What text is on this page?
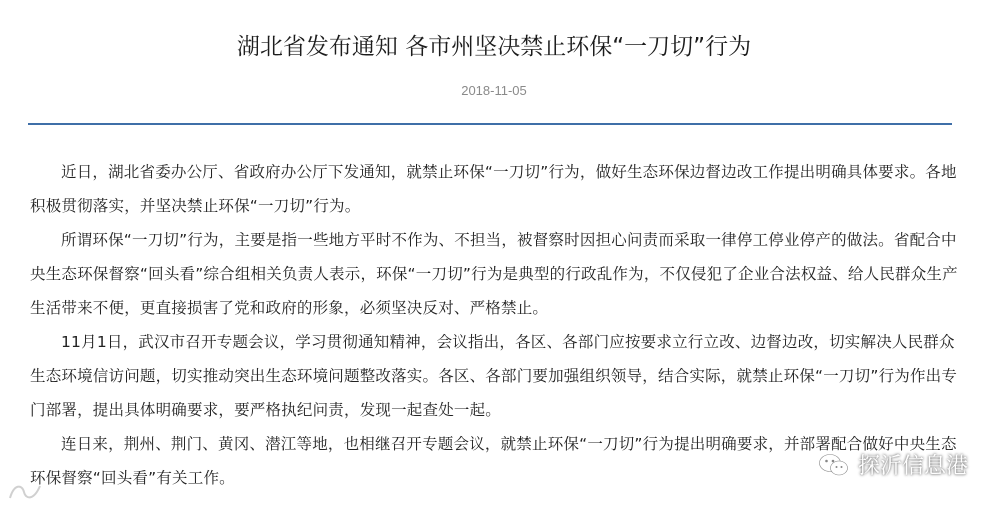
湖北省发布通知 各市州坚决禁止环保“一刀切”行为
2018-11-05

近日，湖北省委办公厅、省政府办公厅下发通知，就禁止环保“一刀切”行为，做好生态环保边督边改工作提出明确具体要求。各地积极贯彻落实，并坚决禁止环保“一刀切”行为。

所谓环保“一刀切”行为，主要是指一些地方平时不作为、不担当，被督察时因担心问责而采取一律停工停业停产的做法。省配合中央生态环保督察“回头看”综合组相关负责人表示，环保“一刀切”行为是典型的行政乱作为，不仅侵犯了企业合法权益、给人民群众生产生活带来不便，更直接损害了党和政府的形象，必须坚决反对、严格禁止。

11月1日，武汉市召开专题会议，学习贯彻通知精神，会议指出，各区、各部门应按要求立行立改、边督边改，切实解决人民群众生态环境信访问题，切实推动突出生态环境问题整改落实。各区、各部门要加强组织领导，结合实际，就禁止环保“一刀切”行为作出专门部署，提出具体明确要求，要严格执纪问责，发现一起查处一起。

连日来，荆州、荆门、黄冈、潜江等地，也相继召开专题会议，就禁止环保“一刀切”行为提出明确要求，并部署配合做好中央生态环保督察“回头看”有关工作。	探沂信息港
